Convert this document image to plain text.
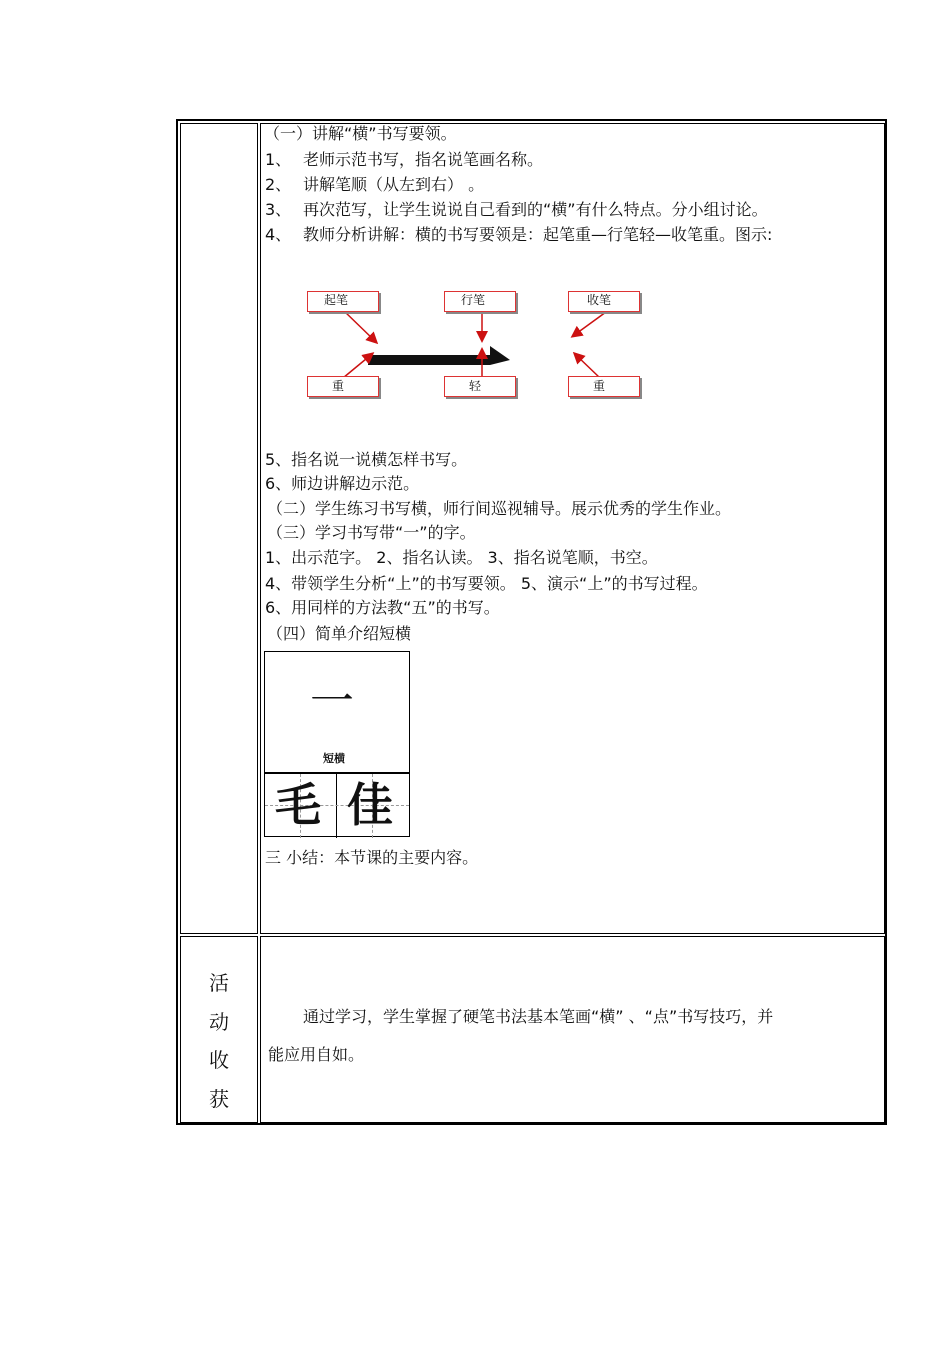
活
动
收
获
（一）讲解“横”书写要领。
1、 老师示范书写，指名说笔画名称。
2、 讲解笔顺（从左到右） 。
3、 再次范写，让学生说说自己看到的“横”有什么特点。分小组讨论。
4、 教师分析讲解：横的书写要领是：起笔重—行笔轻—收笔重。图示:
起笔	行笔	收笔
重	轻	重
5、指名说一说横怎样书写。
6、师边讲解边示范。
（二）学生练习书写横，师行间巡视辅导。展示优秀的学生作业。
（三）学习书写带“一”的字。
1、出示范字。 2、指名认读。 3、指名说笔顺，书空。
4、带领学生分析“上”的书写要领。 5、演示“上”的书写过程。
6、用同样的方法教“五”的书写。
（四）简单介绍短横
一
短横
毛 佳
三 小结：本节课的主要内容。
通过学习，学生掌握了硬笔书法基本笔画“横” 、“点”书写技巧，并
能应用自如。
